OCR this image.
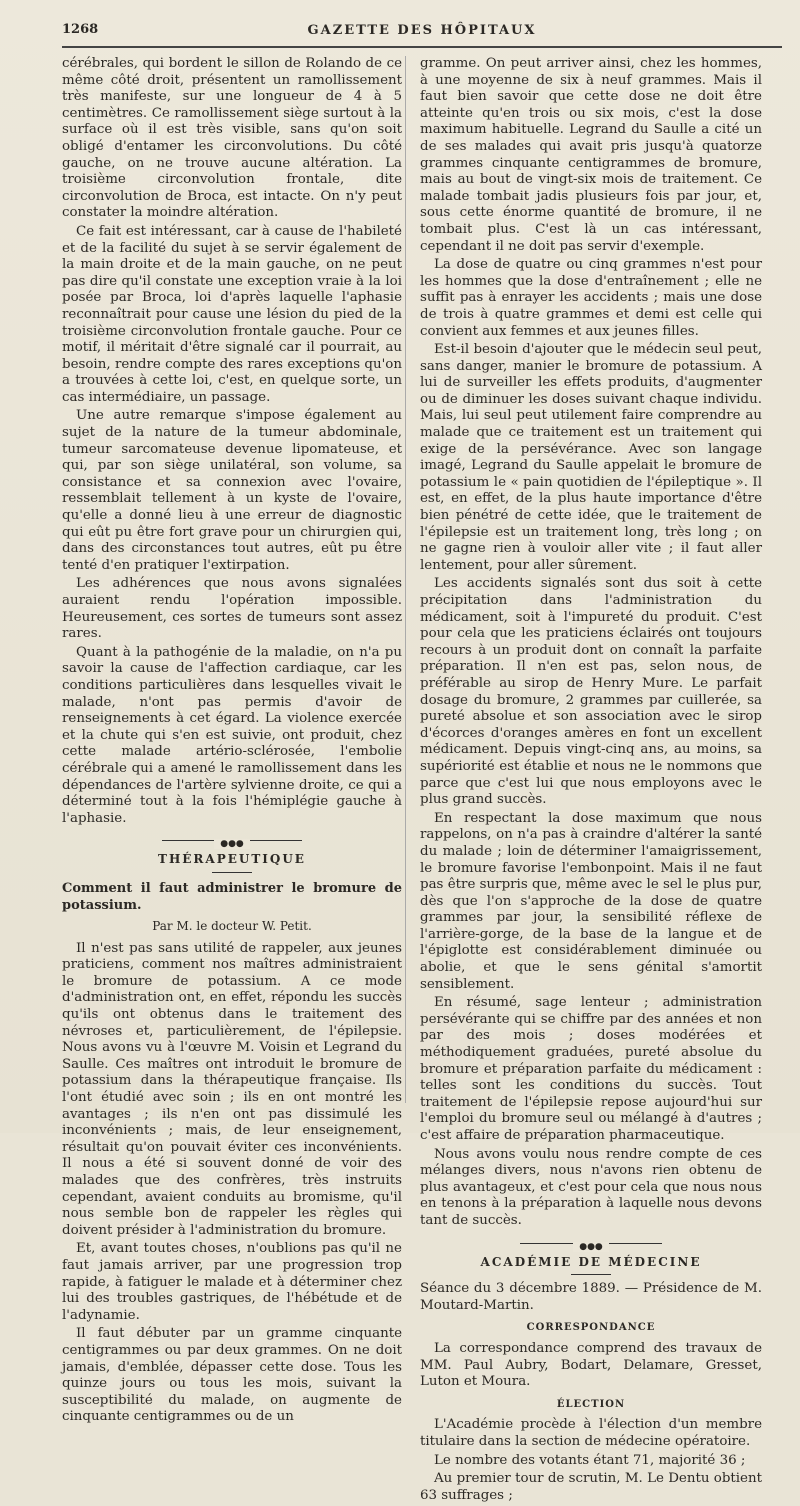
1268	GAZETTE DES HÔPITAUX

cérébrales, qui bordent le sillon de Rolando de ce même côté droit, présentent un ramollissement très manifeste, sur une longueur de 4 à 5 centimètres. Ce ramollissement siège surtout à la surface où il est très visible, sans qu'on soit obligé d'entamer les circonvolutions. Du côté gauche, on ne trouve aucune altération. La troisième circonvolution frontale, dite circonvolution de Broca, est intacte. On n'y peut constater la moindre altération.

Ce fait est intéressant, car à cause de l'habileté et de la facilité du sujet à se servir également de la main droite et de la main gauche, on ne peut pas dire qu'il constate une exception vraie à la loi posée par Broca, loi d'après laquelle l'aphasie reconnaîtrait pour cause une lésion du pied de la troisième circonvolution frontale gauche. Pour ce motif, il méritait d'être signalé car il pourrait, au besoin, rendre compte des rares exceptions qu'on a trouvées à cette loi, c'est, en quelque sorte, un cas intermédiaire, un passage.

Une autre remarque s'impose également au sujet de la nature de la tumeur abdominale, tumeur sarcomateuse devenue lipomateuse, et qui, par son siège unilatéral, son volume, sa consistance et sa connexion avec l'ovaire, ressemblait tellement à un kyste de l'ovaire, qu'elle a donné lieu à une erreur de diagnostic qui eût pu être fort grave pour un chirurgien qui, dans des circonstances tout autres, eût pu être tenté d'en pratiquer l'extirpation.

Les adhérences que nous avons signalées auraient rendu l'opération impossible. Heureusement, ces sortes de tumeurs sont assez rares.

Quant à la pathogénie de la maladie, on n'a pu savoir la cause de l'affection cardiaque, car les conditions particulières dans lesquelles vivait le malade, n'ont pas permis d'avoir de renseignements à cet égard. La violence exercée et la chute qui s'en est suivie, ont produit, chez cette malade artério-sclérosée, l'embolie cérébrale qui a amené le ramollissement dans les dépendances de l'artère sylvienne droite, ce qui a déterminé tout à la fois l'hémiplégie gauche à l'aphasie.

●●●
THÉRAPEUTIQUE
Comment il faut administrer le bromure de potassium.
Par M. le docteur W. Petit.

Il n'est pas sans utilité de rappeler, aux jeunes praticiens, comment nos maîtres administraient le bromure de potassium. A ce mode d'administration ont, en effet, répondu les succès qu'ils ont obtenus dans le traitement des névroses et, particulièrement, de l'épilepsie. Nous avons vu à l'œuvre M. Voisin et Legrand du Saulle. Ces maîtres ont introduit le bromure de potassium dans la thérapeutique française. Ils l'ont étudié avec soin ; ils en ont montré les avantages ; ils n'en ont pas dissimulé les inconvénients ; mais, de leur enseignement, résultait qu'on pouvait éviter ces inconvénients. Il nous a été si souvent donné de voir des malades que des confrères, très instruits cependant, avaient conduits au bromisme, qu'il nous semble bon de rappeler les règles qui doivent présider à l'administration du bromure.

Et, avant toutes choses, n'oublions pas qu'il ne faut jamais arriver, par une progression trop rapide, à fatiguer le malade et à déterminer chez lui des troubles gastriques, de l'hébétude et de l'adynamie.

Il faut débuter par un gramme cinquante centigrammes ou par deux grammes. On ne doit jamais, d'emblée, dépasser cette dose. Tous les quinze jours ou tous les mois, suivant la susceptibilité du malade, on augmente de cinquante centigrammes ou de un

gramme. On peut arriver ainsi, chez les hommes, à une moyenne de six à neuf grammes. Mais il faut bien savoir que cette dose ne doit être atteinte qu'en trois ou six mois, c'est la dose maximum habituelle. Legrand du Saulle a cité un de ses malades qui avait pris jusqu'à quatorze grammes cinquante centigrammes de bromure, mais au bout de vingt-six mois de traitement. Ce malade tombait jadis plusieurs fois par jour, et, sous cette énorme quantité de bromure, il ne tombait plus. C'est là un cas intéressant, cependant il ne doit pas servir d'exemple.

La dose de quatre ou cinq grammes n'est pour les hommes que la dose d'entraînement ; elle ne suffit pas à enrayer les accidents ; mais une dose de trois à quatre grammes et demi est celle qui convient aux femmes et aux jeunes filles.

Est-il besoin d'ajouter que le médecin seul peut, sans danger, manier le bromure de potassium. A lui de surveiller les effets produits, d'augmenter ou de diminuer les doses suivant chaque individu. Mais, lui seul peut utilement faire comprendre au malade que ce traitement est un traitement qui exige de la persévérance. Avec son langage imagé, Legrand du Saulle appelait le bromure de potassium le « pain quotidien de l'épileptique ». Il est, en effet, de la plus haute importance d'être bien pénétré de cette idée, que le traitement de l'épilepsie est un traitement long, très long ; on ne gagne rien à vouloir aller vite ; il faut aller lentement, pour aller sûrement.

Les accidents signalés sont dus soit à cette précipitation dans l'administration du médicament, soit à l'impureté du produit. C'est pour cela que les praticiens éclairés ont toujours recours à un produit dont on connaît la parfaite préparation. Il n'en est pas, selon nous, de préférable au sirop de Henry Mure. Le parfait dosage du bromure, 2 grammes par cuillerée, sa pureté absolue et son association avec le sirop d'écorces d'oranges amères en font un excellent médicament. Depuis vingt-cinq ans, au moins, sa supériorité est établie et nous ne le nommons que parce que c'est lui que nous employons avec le plus grand succès.

En respectant la dose maximum que nous rappelons, on n'a pas à craindre d'altérer la santé du malade ; loin de déterminer l'amaigrissement, le bromure favorise l'embonpoint. Mais il ne faut pas être surpris que, même avec le sel le plus pur, dès que l'on s'approche de la dose de quatre grammes par jour, la sensibilité réflexe de l'arrière-gorge, de la base de la langue et de l'épiglotte est considérablement diminuée ou abolie, et que le sens génital s'amortit sensiblement.

En résumé, sage lenteur ; administration persévérante qui se chiffre par des années et non par des mois ; doses modérées et méthodiquement graduées, pureté absolue du bromure et préparation parfaite du médicament : telles sont les conditions du succès. Tout traitement de l'épilepsie repose aujourd'hui sur l'emploi du bromure seul ou mélangé à d'autres ; c'est affaire de préparation pharmaceutique.

Nous avons voulu nous rendre compte de ces mélanges divers, nous n'avons rien obtenu de plus avantageux, et c'est pour cela que nous nous en tenons à la préparation à laquelle nous devons tant de succès.

●●●
ACADÉMIE DE MÉDECINE

Séance du 3 décembre 1889. — Présidence de M. Moutard-Martin.

CORRESPONDANCE

La correspondance comprend des travaux de MM. Paul Aubry, Bodart, Delamare, Gresset, Luton et Moura.

ÉLECTION

L'Académie procède à l'élection d'un membre titulaire dans la section de médecine opératoire.

Le nombre des votants étant 71, majorité 36 ;

Au premier tour de scrutin, M. Le Dentu obtient 63 suffrages ;
